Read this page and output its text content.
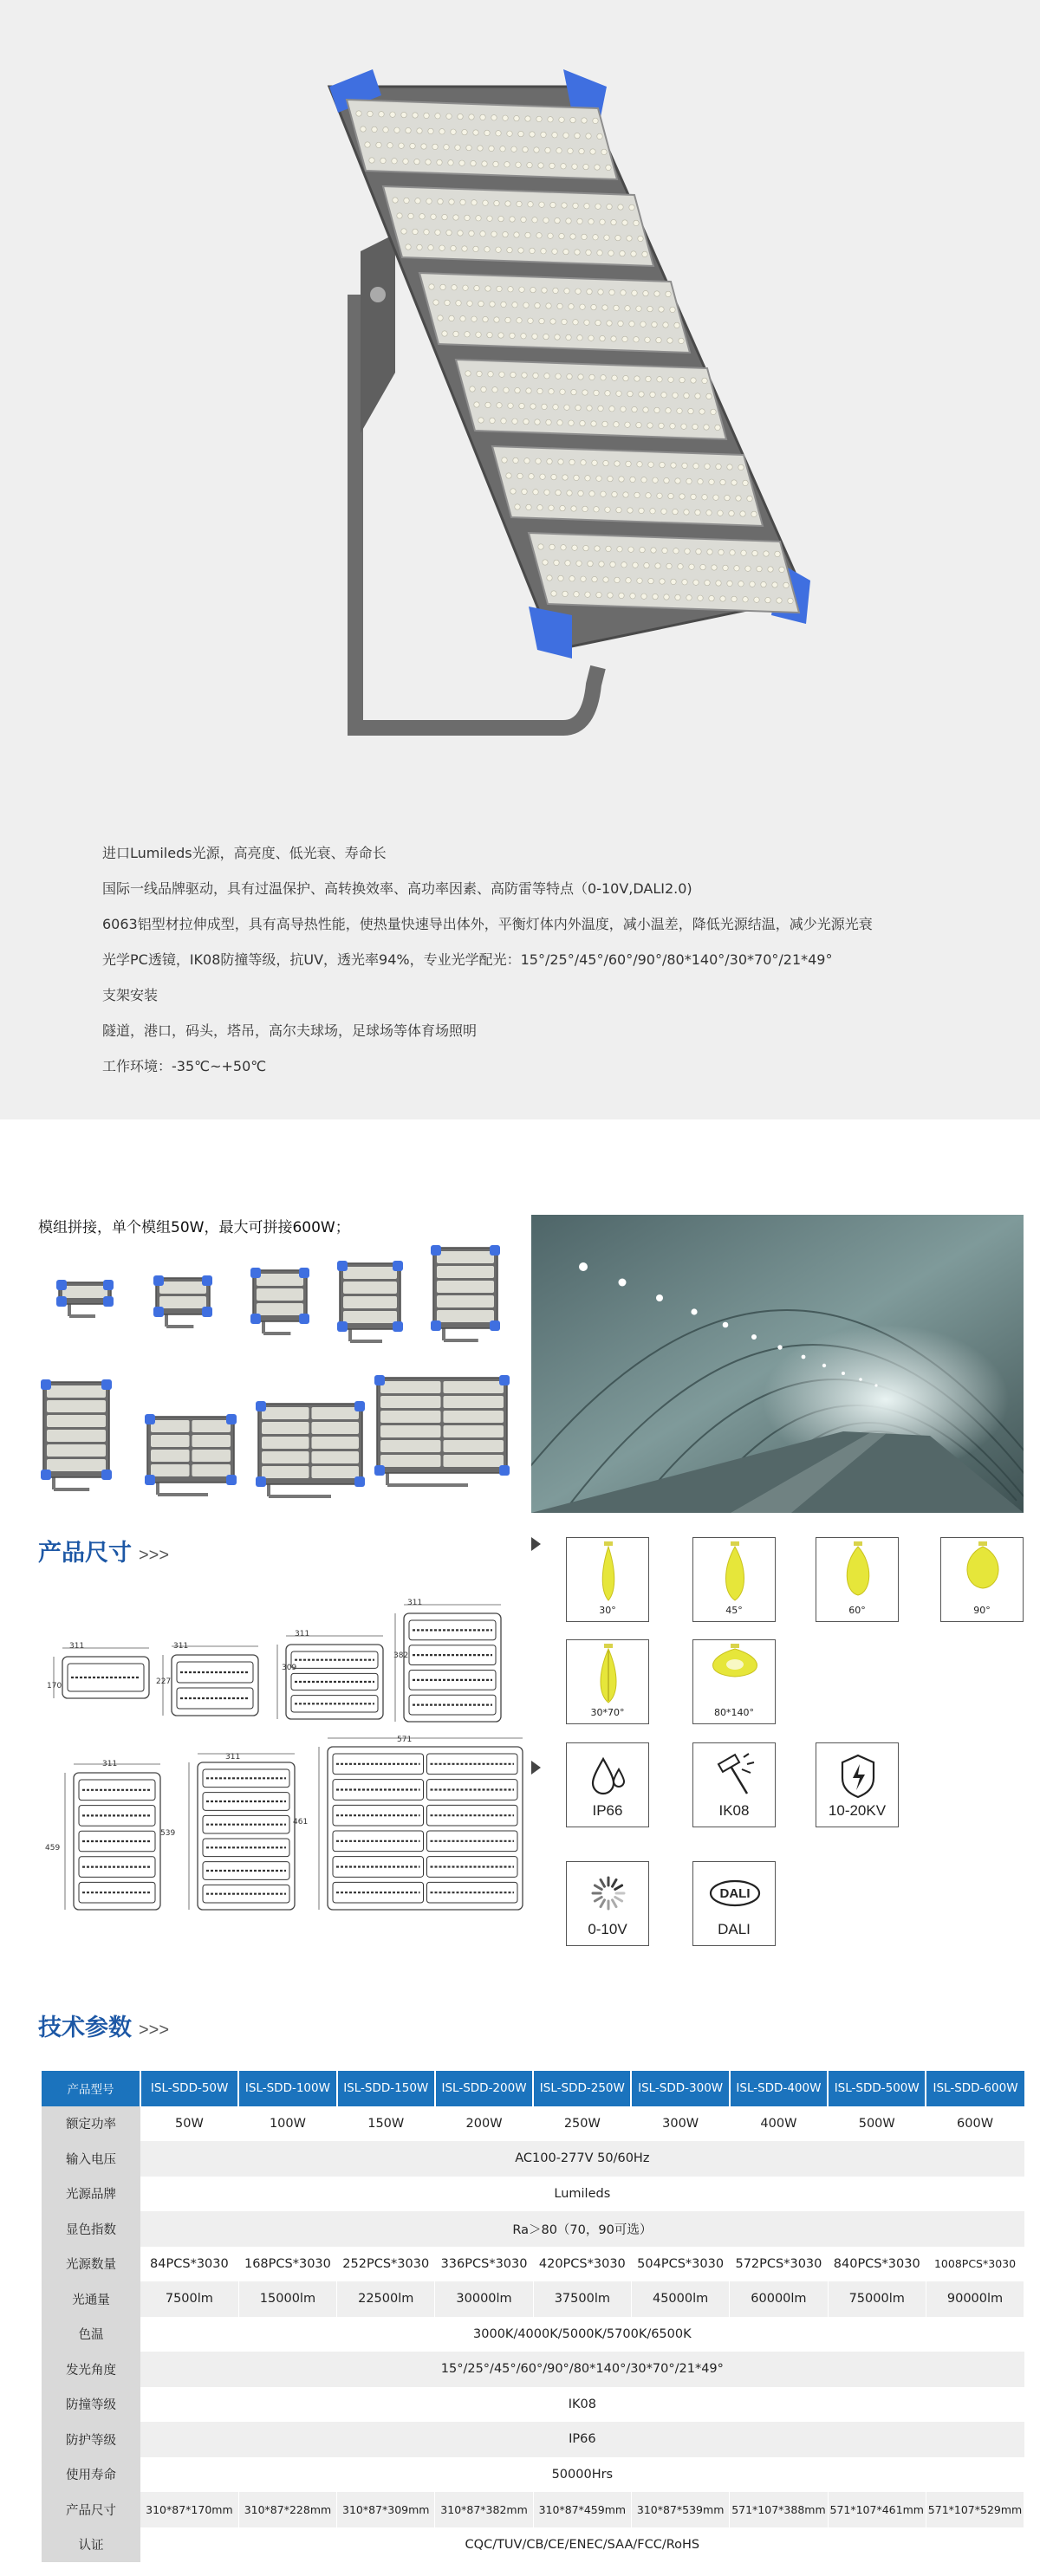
进口Lumileds光源，高亮度、低光衰、寿命长
国际一线品牌驱动，具有过温保护、高转换效率、高功率因素、高防雷等特点（0-10V,DALI2.0)
6063铝型材拉伸成型，具有高导热性能，使热量快速导出体外，平衡灯体内外温度，减小温差，降低光源结温，减少光源光衰
光学PC透镜，IK08防撞等级，抗UV，透光率94%，专业光学配光：15°/25°/45°/60°/90°/80*140°/30*70°/21*49°
支架安装
隧道，港口，码头，塔吊，高尔夫球场，足球场等体育场照明
工作环境：-35℃~+50℃
模组拼接，单个模组50W，最大可拼接600W；
产品尺寸 >>>
311
170
311
227
311
309
311
382
311
459
311
539
571
461
30°	45°	60°	90°
30*70°	80*140°
IP66	IK08	10-20KV
0-10V
DALI
DALI
技术参数 >>>
产品型号	ISL-SDD-50W	ISL-SDD-100W	ISL-SDD-150W	ISL-SDD-200W	ISL-SDD-250W	ISL-SDD-300W	ISL-SDD-400W	ISL-SDD-500W	ISL-SDD-600W
额定功率	50W	100W	150W	200W	250W	300W	400W	500W	600W
输入电压	AC100-277V 50/60Hz								
光源品牌	Lumileds								
显色指数	Ra＞80（70，90可选）								
光源数量	84PCS*3030	168PCS*3030	252PCS*3030	336PCS*3030	420PCS*3030	504PCS*3030	572PCS*3030	840PCS*3030	1008PCS*3030
光通量	7500lm	15000lm	22500lm	30000lm	37500lm	45000lm	60000lm	75000lm	90000lm
色温	3000K/4000K/5000K/5700K/6500K								
发光角度	15°/25°/45°/60°/90°/80*140°/30*70°/21*49°								
防撞等级	IK08								
防护等级	IP66								
使用寿命	50000Hrs								
产品尺寸	310*87*170mm	310*87*228mm	310*87*309mm	310*87*382mm	310*87*459mm	310*87*539mm	571*107*388mm	571*107*461mm	571*107*529mm
认证	CQC/TUV/CB/CE/ENEC/SAA/FCC/RoHS								
